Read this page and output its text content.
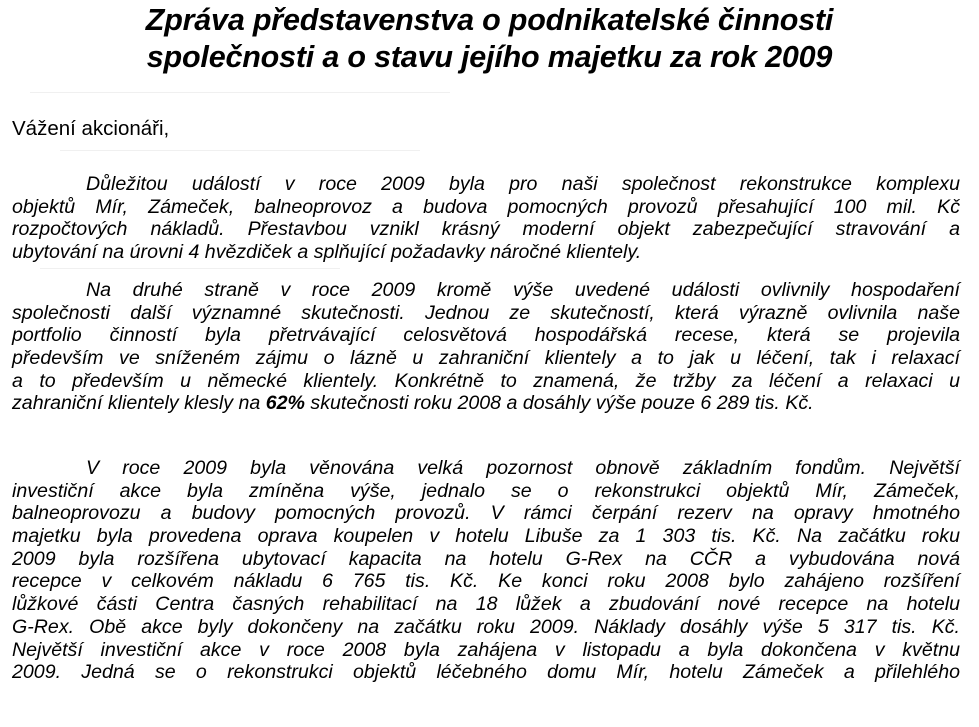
Zpráva představenstva o podnikatelské činnosti
společnosti a o stavu jejího majetku za rok 2009

Vážení akcionáři,

Důležitou událostí v roce 2009 byla pro naši společnost rekonstrukce komplexu
objektů Mír, Zámeček, balneoprovoz a budova pomocných provozů přesahující 100 mil. Kč
rozpočtových nákladů. Přestavbou vznikl krásný moderní objekt zabezpečující stravování a
ubytování na úrovni 4 hvězdiček a splňující požadavky náročné klientely.
Na druhé straně v roce 2009 kromě výše uvedené události ovlivnily hospodaření
společnosti další významné skutečnosti. Jednou ze skutečností, která výrazně ovlivnila naše
portfolio činností byla přetrvávající celosvětová hospodářská recese, která se projevila
především ve sníženém zájmu o lázně u zahraniční klientely a to jak u léčení, tak i relaxací
a to především u německé klientely. Konkrétně to znamená, že tržby za léčení a relaxaci u
zahraniční klientely klesly na 62% skutečnosti roku 2008 a dosáhly výše pouze 6 289 tis. Kč.
V roce 2009 byla věnována velká pozornost obnově základním fondům. Největší
investiční akce byla zmíněna výše, jednalo se o rekonstrukci objektů Mír, Zámeček,
balneoprovozu a budovy pomocných provozů. V rámci čerpání rezerv na opravy hmotného
majetku byla provedena oprava koupelen v hotelu Libuše za 1 303 tis. Kč. Na začátku roku
2009 byla rozšířena ubytovací kapacita na hotelu G-Rex na CČR a vybudována nová
recepce v celkovém nákladu 6 765 tis. Kč. Ke konci roku 2008 bylo zahájeno rozšíření
lůžkové části Centra časných rehabilitací na 18 lůžek a zbudování nové recepce na hotelu
G-Rex. Obě akce byly dokončeny na začátku roku 2009. Náklady dosáhly výše 5 317 tis. Kč.
Největší investiční akce v roce 2008 byla zahájena v listopadu a byla dokončena v květnu
2009. Jedná se o rekonstrukci objektů léčebného domu Mír, hotelu Zámeček a přilehlého
